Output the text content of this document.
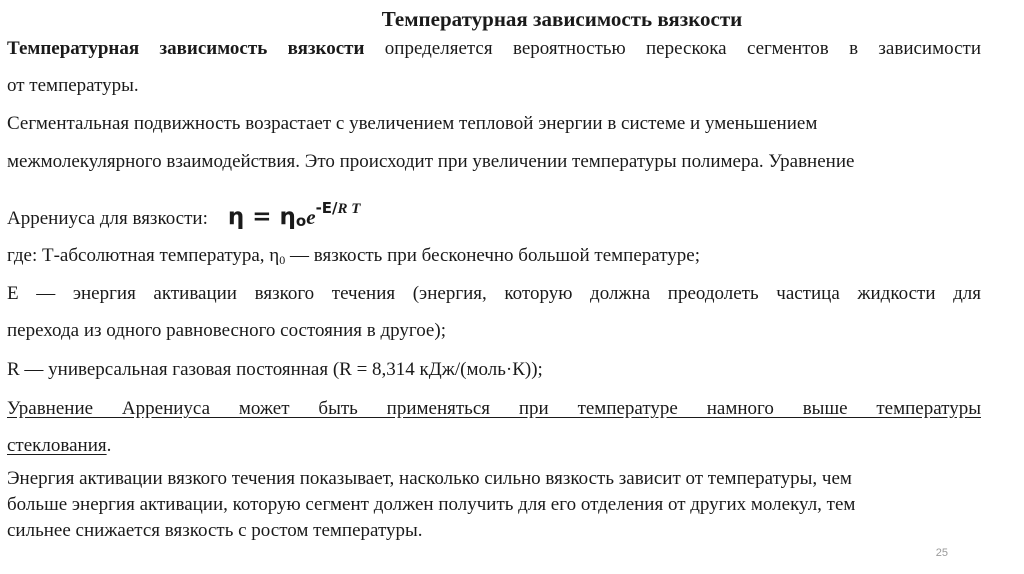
Температурная зависимость вязкости
Температурная зависимость вязкости определяется вероятностью перескока сегментов в зависимости
от температуры.
Сегментальная подвижность возрастает с увеличением тепловой энергии в системе и уменьшением
межмолекулярного взаимодействия. Это происходит при увеличении температуры полимера. Уравнение
Аррениуса для вязкости: $\eta = \eta_oe^{-E/R T}$
где: Т-абсолютная температура, η0 — вязкость при бесконечно большой температуре;
Е — энергия активации вязкого течения (энергия, которую должна преодолеть частица жидкости для
перехода из одного равновесного состояния в другое);
R — универсальная газовая постоянная (R = 8,314 кДж/(моль·К));
Уравнение Аррениуса может быть применяться при температуре намного выше температуры
стеклования.
Энергия активации вязкого течения показывает, насколько сильно вязкость зависит от температуры, чем
больше энергия активации, которую сегмент должен получить для его отделения от других молекул, тем
сильнее снижается вязкость с ростом температуры.
25
